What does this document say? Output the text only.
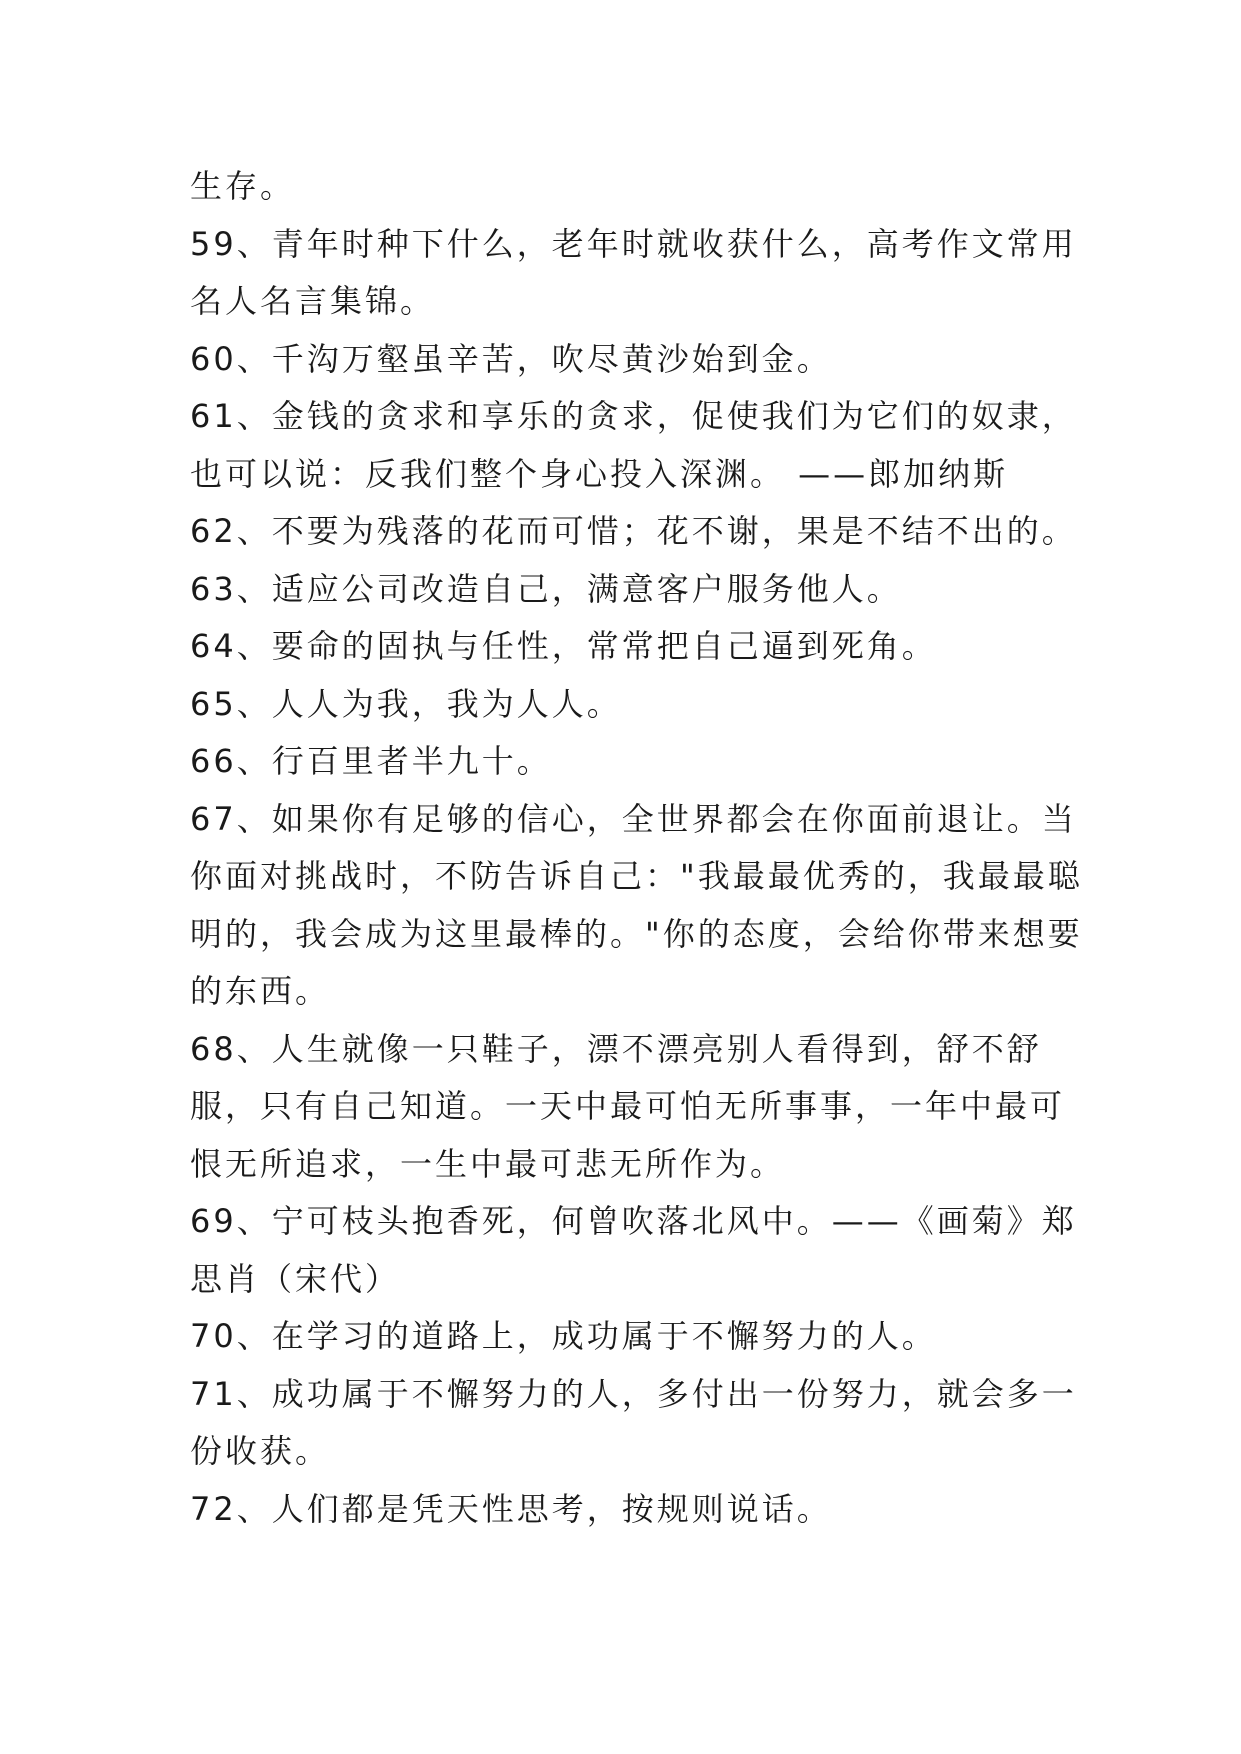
生存。

59、青年时种下什么，老年时就收获什么，高考作文常用名人名言集锦。

60、千沟万壑虽辛苦，吹尽黄沙始到金。

61、金钱的贪求和享乐的贪求，促使我们为它们的奴隶，也可以说：反我们整个身心投入深渊。 ——郎加纳斯

62、不要为残落的花而可惜；花不谢，果是不结不出的。

63、适应公司改造自己，满意客户服务他人。

64、要命的固执与任性，常常把自己逼到死角。

65、人人为我，我为人人。

66、行百里者半九十。

67、如果你有足够的信心，全世界都会在你面前退让。当你面对挑战时，不防告诉自己："我最最优秀的，我最最聪明的，我会成为这里最棒的。"你的态度，会给你带来想要的东西。

68、人生就像一只鞋子，漂不漂亮别人看得到，舒不舒服，只有自己知道。一天中最可怕无所事事，一年中最可恨无所追求，一生中最可悲无所作为。

69、宁可枝头抱香死，何曾吹落北风中。——《画菊》郑思肖（宋代）

70、在学习的道路上，成功属于不懈努力的人。

71、成功属于不懈努力的人，多付出一份努力，就会多一份收获。

72、人们都是凭天性思考，按规则说话。
